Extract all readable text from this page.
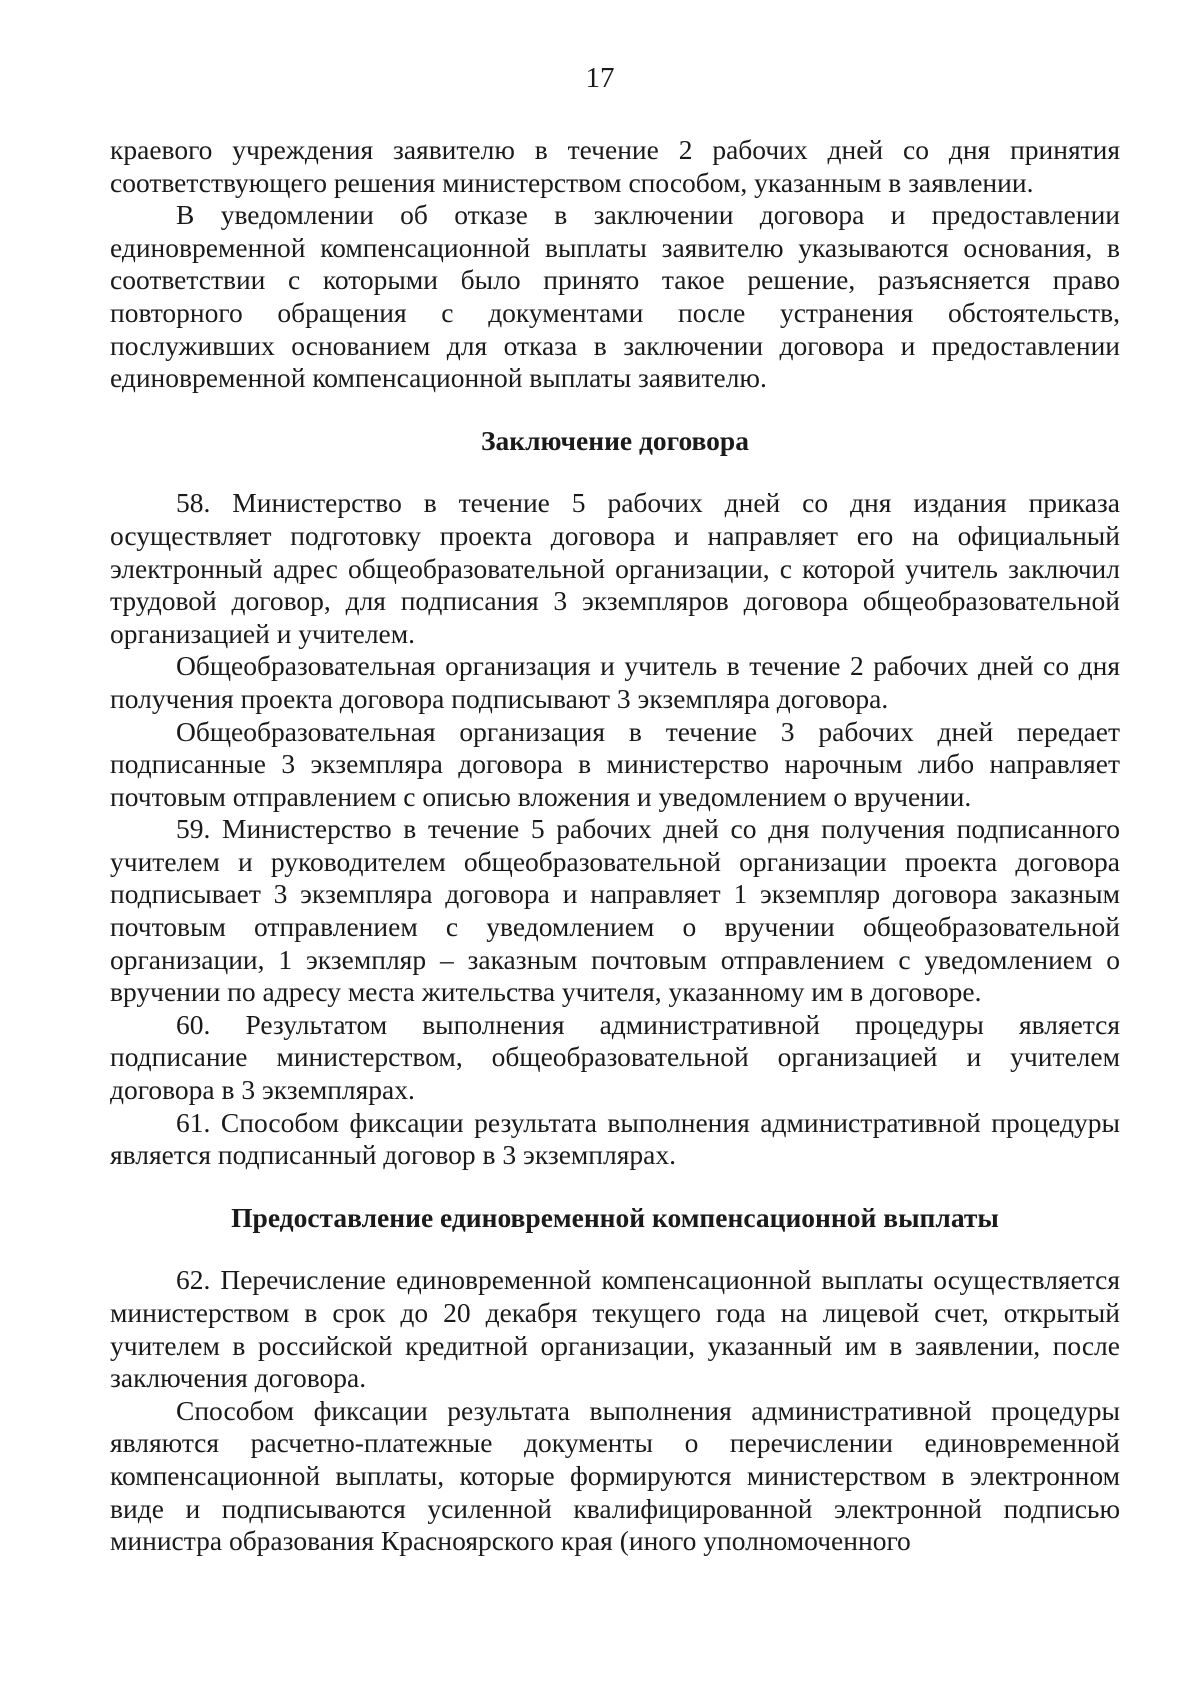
17

краевого учреждения заявителю в течение 2 рабочих дней со дня принятия соответствующего решения министерством способом, указанным в заявлении.

В уведомлении об отказе в заключении договора и предоставлении единовременной компенсационной выплаты заявителю указываются основания, в соответствии с которыми было принято такое решение, разъясняется право повторного обращения с документами после устранения обстоятельств, послуживших основанием для отказа в заключении договора и предоставлении единовременной компенсационной выплаты заявителю.

Заключение договора

58. Министерство в течение 5 рабочих дней со дня издания приказа осуществляет подготовку проекта договора и направляет его на официальный электронный адрес общеобразовательной организации, с которой учитель заключил трудовой договор, для подписания 3 экземпляров договора общеобразовательной организацией и учителем.

Общеобразовательная организация и учитель в течение 2 рабочих дней со дня получения проекта договора подписывают 3 экземпляра договора.

Общеобразовательная организация в течение 3 рабочих дней передает подписанные 3 экземпляра договора в министерство нарочным либо направляет почтовым отправлением с описью вложения и уведомлением о вручении.

59. Министерство в течение 5 рабочих дней со дня получения подписанного учителем и руководителем общеобразовательной организации проекта договора подписывает 3 экземпляра договора и направляет 1 экземпляр договора заказным почтовым отправлением с уведомлением о вручении общеобразовательной организации, 1 экземпляр – заказным почтовым отправлением с уведомлением о вручении по адресу места жительства учителя, указанному им в договоре.

60. Результатом выполнения административной процедуры является подписание министерством, общеобразовательной организацией и учителем договора в 3 экземплярах.

61. Способом фиксации результата выполнения административной процедуры является подписанный договор в 3 экземплярах.

Предоставление единовременной компенсационной выплаты

62. Перечисление единовременной компенсационной выплаты осуществляется министерством в срок до 20 декабря текущего года на лицевой счет, открытый учителем в российской кредитной организации, указанный им в заявлении, после заключения договора.

Способом фиксации результата выполнения административной процедуры являются расчетно-платежные документы о перечислении единовременной компенсационной выплаты, которые формируются министерством в электронном виде и подписываются усиленной квалифицированной электронной подписью министра образования Красноярского края (иного уполномоченного
